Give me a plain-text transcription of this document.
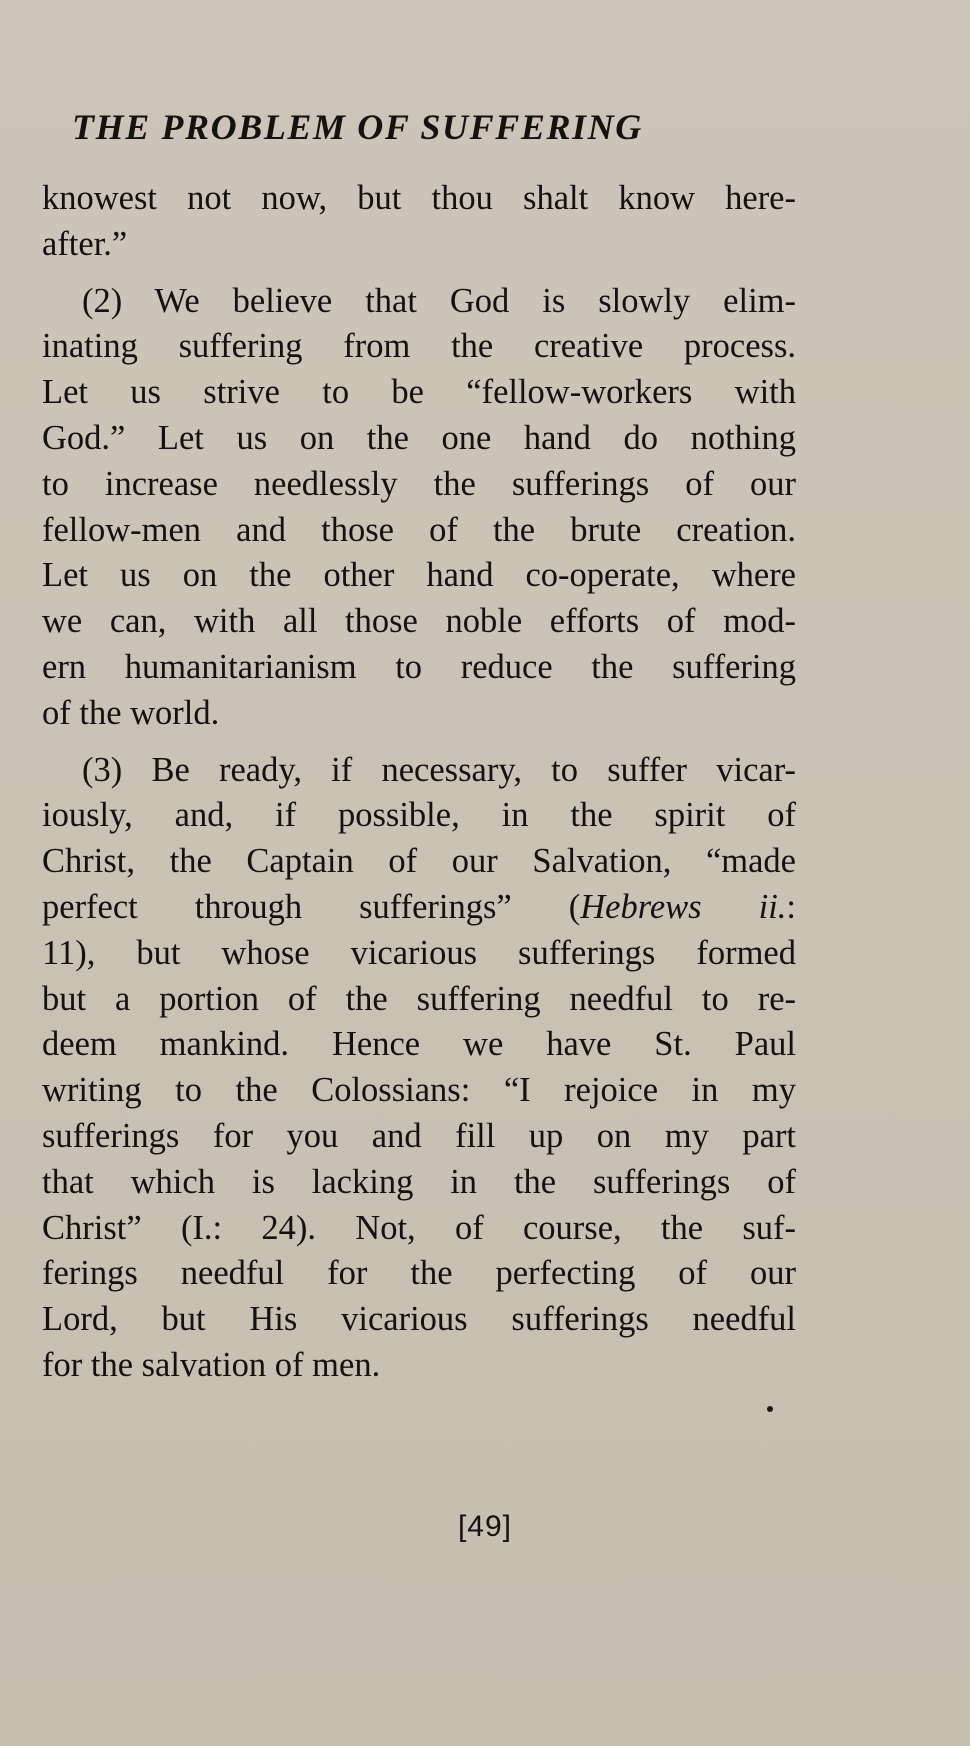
THE PROBLEM OF SUFFERING
knowest not now, but thou shalt know here-
after.”
(2) We believe that God is slowly elim-
inating suffering from the creative process.
Let us strive to be “fellow-workers with
God.” Let us on the one hand do nothing
to increase needlessly the sufferings of our
fellow-men and those of the brute creation.
Let us on the other hand co-operate, where
we can, with all those noble efforts of mod-
ern humanitarianism to reduce the suffering
of the world.
(3) Be ready, if necessary, to suffer vicar-
iously, and, if possible, in the spirit of
Christ, the Captain of our Salvation, “made
perfect through sufferings” (Hebrews ii.:
11), but whose vicarious sufferings formed
but a portion of the suffering needful to re-
deem mankind. Hence we have St. Paul
writing to the Colossians: “I rejoice in my
sufferings for you and fill up on my part
that which is lacking in the sufferings of
Christ” (I.: 24). Not, of course, the suf-
ferings needful for the perfecting of our
Lord, but His vicarious sufferings needful
for the salvation of men.
[49]
